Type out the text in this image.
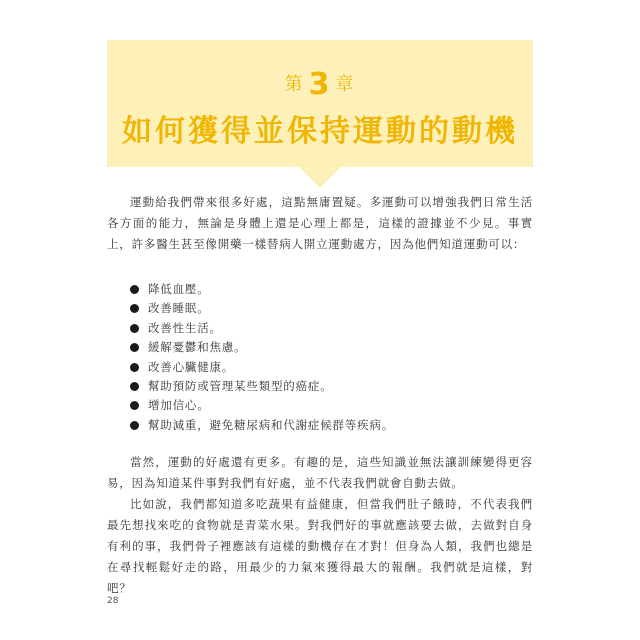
第 3 章
如何獲得並保持運動的動機

運動給我們帶來很多好處，這點無庸置疑。多運動可以增強我們日常生活各方面的能力，無論是身體上還是心理上都是，這樣的證據並不少見。事實上，許多醫生甚至像開藥一樣替病人開立運動處方，因為他們知道運動可以：

降低血壓。
改善睡眠。
改善性生活。
緩解憂鬱和焦慮。
改善心臟健康。
幫助預防或管理某些類型的癌症。
增加信心。
幫助減重，避免糖尿病和代謝症候群等疾病。

當然，運動的好處還有更多。有趣的是，這些知識並無法讓訓練變得更容易，因為知道某件事對我們有好處，並不代表我們就會自動去做。

比如說，我們都知道多吃蔬果有益健康，但當我們肚子餓時，不代表我們最先想找來吃的食物就是青菜水果。對我們好的事就應該要去做，去做對自身有利的事，我們骨子裡應該有這樣的動機存在才對！但身為人類，我們也總是在尋找輕鬆好走的路，用最少的力氣來獲得最大的報酬。我們就是這樣，對吧？

28
